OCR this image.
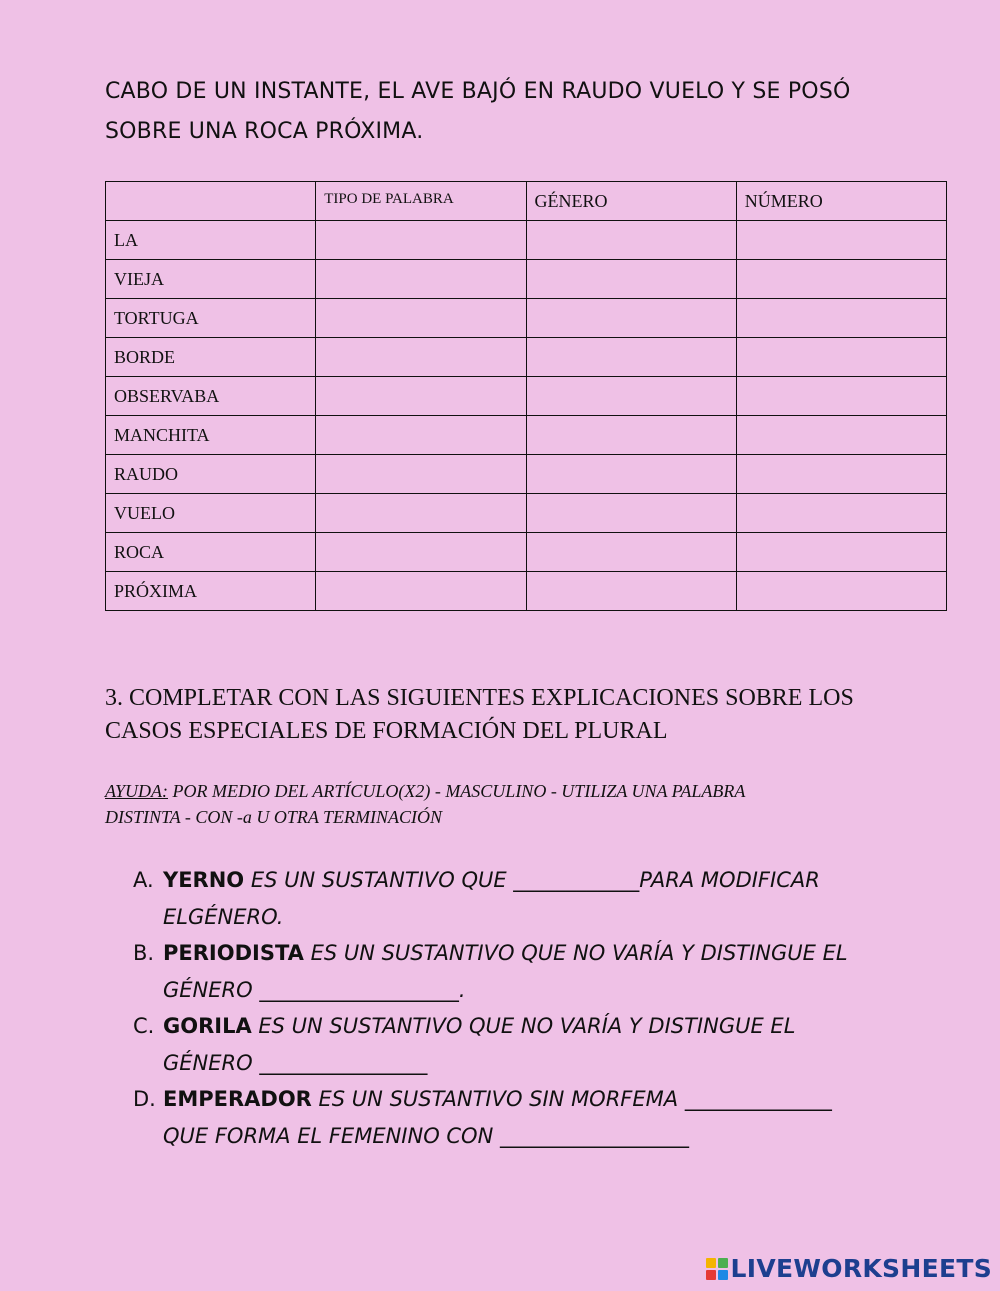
CABO DE UN INSTANTE, EL AVE BAJÓ EN RAUDO VUELO Y SE POSÓ
SOBRE UNA ROCA PRÓXIMA.
	TIPO DE PALABRA	GÉNERO	NÚMERO
LA			
VIEJA			
TORTUGA			
BORDE			
OBSERVABA			
MANCHITA			
RAUDO			
VUELO			
ROCA			
PRÓXIMA			
3. COMPLETAR CON LAS SIGUIENTES EXPLICACIONES SOBRE LOS
CASOS ESPECIALES DE FORMACIÓN DEL PLURAL
AYUDA: POR MEDIO DEL ARTÍCULO(X2) - MASCULINO - UTILIZA UNA PALABRA
DISTINTA - CON -a U OTRA TERMINACIÓN
A. YERNO ES UN SUSTANTIVO QUE ____________PARA MODIFICAR
ELGÉNERO.
B. PERIODISTA ES UN SUSTANTIVO QUE NO VARÍA Y DISTINGUE EL
GÉNERO ___________________.
C. GORILA ES UN SUSTANTIVO QUE NO VARÍA Y DISTINGUE EL
GÉNERO ________________
D. EMPERADOR ES UN SUSTANTIVO SIN MORFEMA ______________
QUE FORMA EL FEMENINO CON __________________
LIVEWORKSHEETS
